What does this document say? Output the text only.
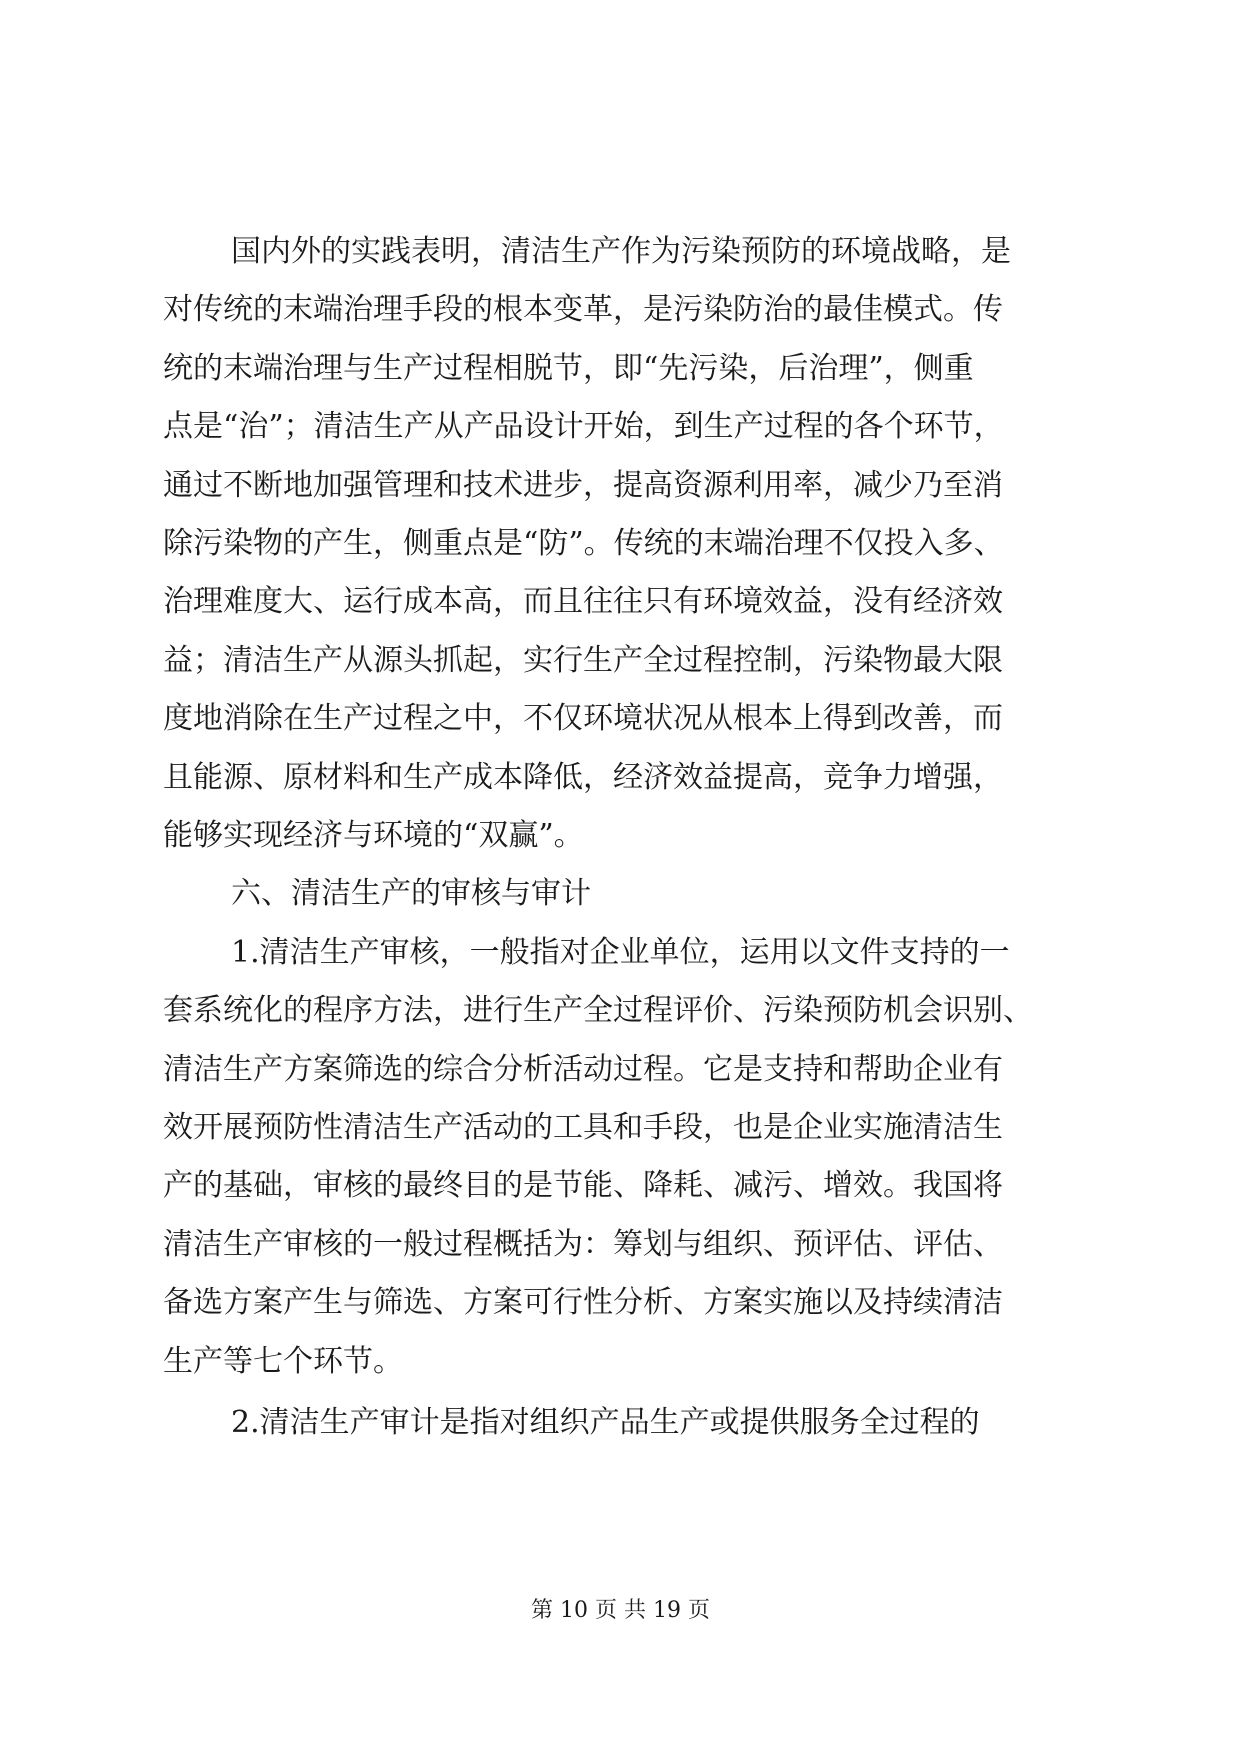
国内外的实践表明，清洁生产作为污染预防的环境战略，是
对传统的末端治理手段的根本变革，是污染防治的最佳模式。传
统的末端治理与生产过程相脱节，即“先污染，后治理”，侧重
点是“治”；清洁生产从产品设计开始，到生产过程的各个环节，
通过不断地加强管理和技术进步，提高资源利用率，减少乃至消
除污染物的产生，侧重点是“防”。传统的末端治理不仅投入多、
治理难度大、运行成本高，而且往往只有环境效益，没有经济效
益；清洁生产从源头抓起，实行生产全过程控制，污染物最大限
度地消除在生产过程之中，不仅环境状况从根本上得到改善，而
且能源、原材料和生产成本降低，经济效益提高，竞争力增强，
能够实现经济与环境的“双赢”。
六、清洁生产的审核与审计
1.清洁生产审核，一般指对企业单位，运用以文件支持的一
套系统化的程序方法，进行生产全过程评价、污染预防机会识别、
清洁生产方案筛选的综合分析活动过程。它是支持和帮助企业有
效开展预防性清洁生产活动的工具和手段，也是企业实施清洁生
产的基础，审核的最终目的是节能、降耗、减污、增效。我国将
清洁生产审核的一般过程概括为：筹划与组织、预评估、评估、
备选方案产生与筛选、方案可行性分析、方案实施以及持续清洁
生产等七个环节。
2.清洁生产审计是指对组织产品生产或提供服务全过程的
第 10 页 共 19 页
